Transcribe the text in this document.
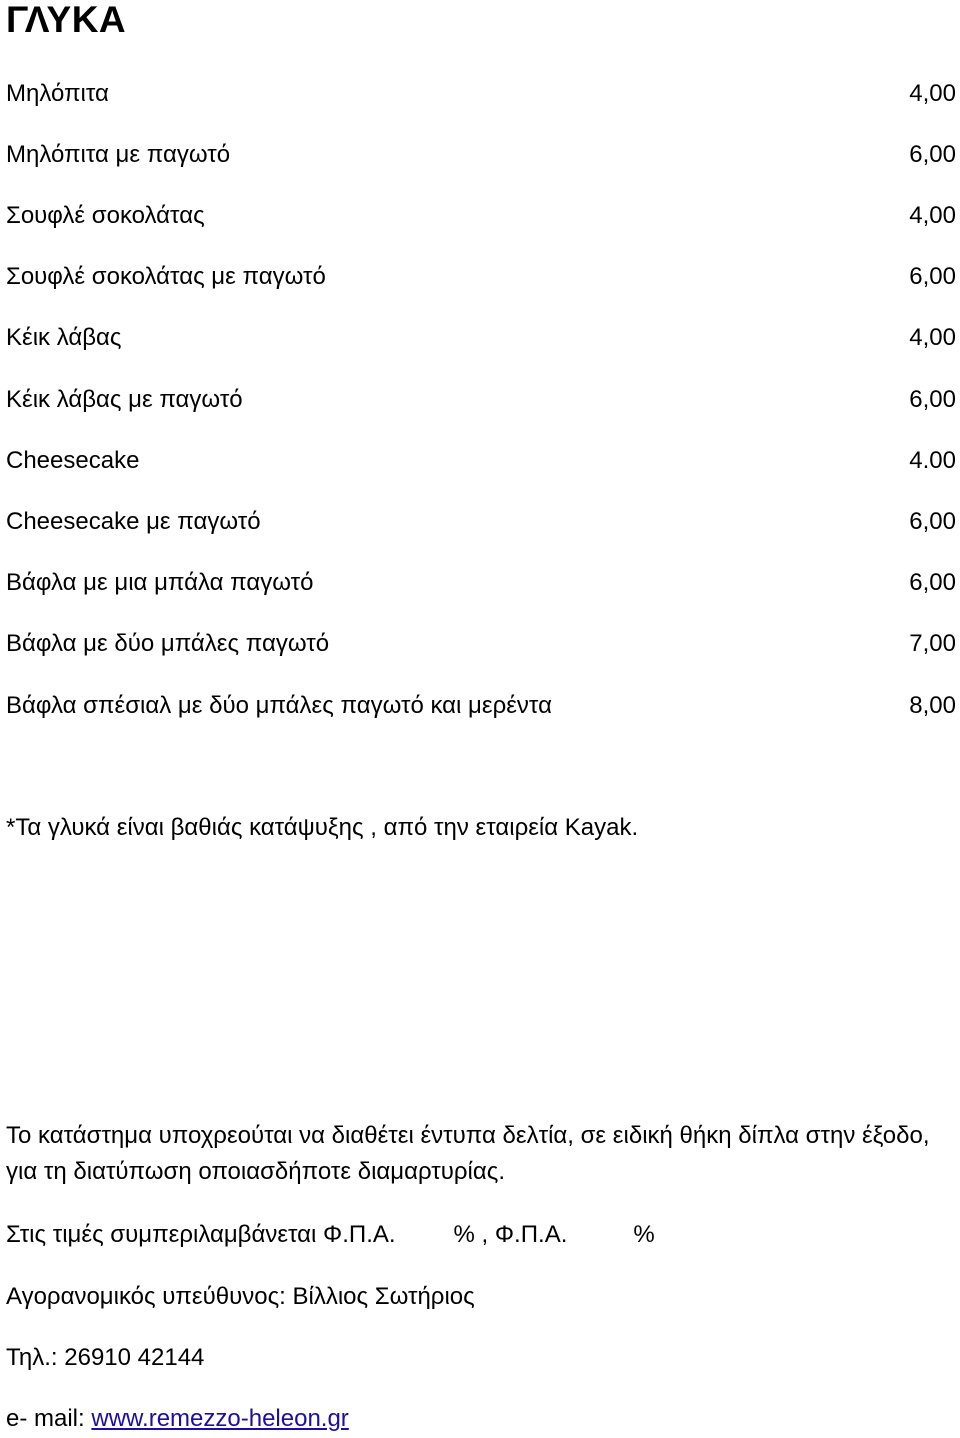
ΓΛΥΚΑ
Μηλόπιτα	4,00
Μηλόπιτα με παγωτό	6,00
Σουφλέ σοκολάτας	4,00
Σουφλέ σοκολάτας με παγωτό	6,00
Κέικ λάβας	4,00
Κέικ λάβας με παγωτό	6,00
Cheesecake	4.00
Cheesecake με παγωτό	6,00
Βάφλα με μια μπάλα παγωτό	6,00
Βάφλα με δύο μπάλες παγωτό	7,00
Βάφλα σπέσιαλ με δύο μπάλες παγωτό και μερέντα	8,00

*Τα γλυκά είναι βαθιάς κατάψυξης , από την εταιρεία Kayak.

Το κατάστημα υποχρεούται να διαθέτει έντυπα δελτία, σε ειδική θήκη δίπλα στην έξοδο, για τη διατύπωση οποιασδήποτε διαμαρτυρίας.

Στις τιμές συμπεριλαμβάνεται Φ.Π.Α. % , Φ.Π.Α.	%

Αγορανομικός υπεύθυνος: Βίλλιος Σωτήριος

Τηλ.: 26910 42144

e- mail: www.remezzo-heleon.gr
